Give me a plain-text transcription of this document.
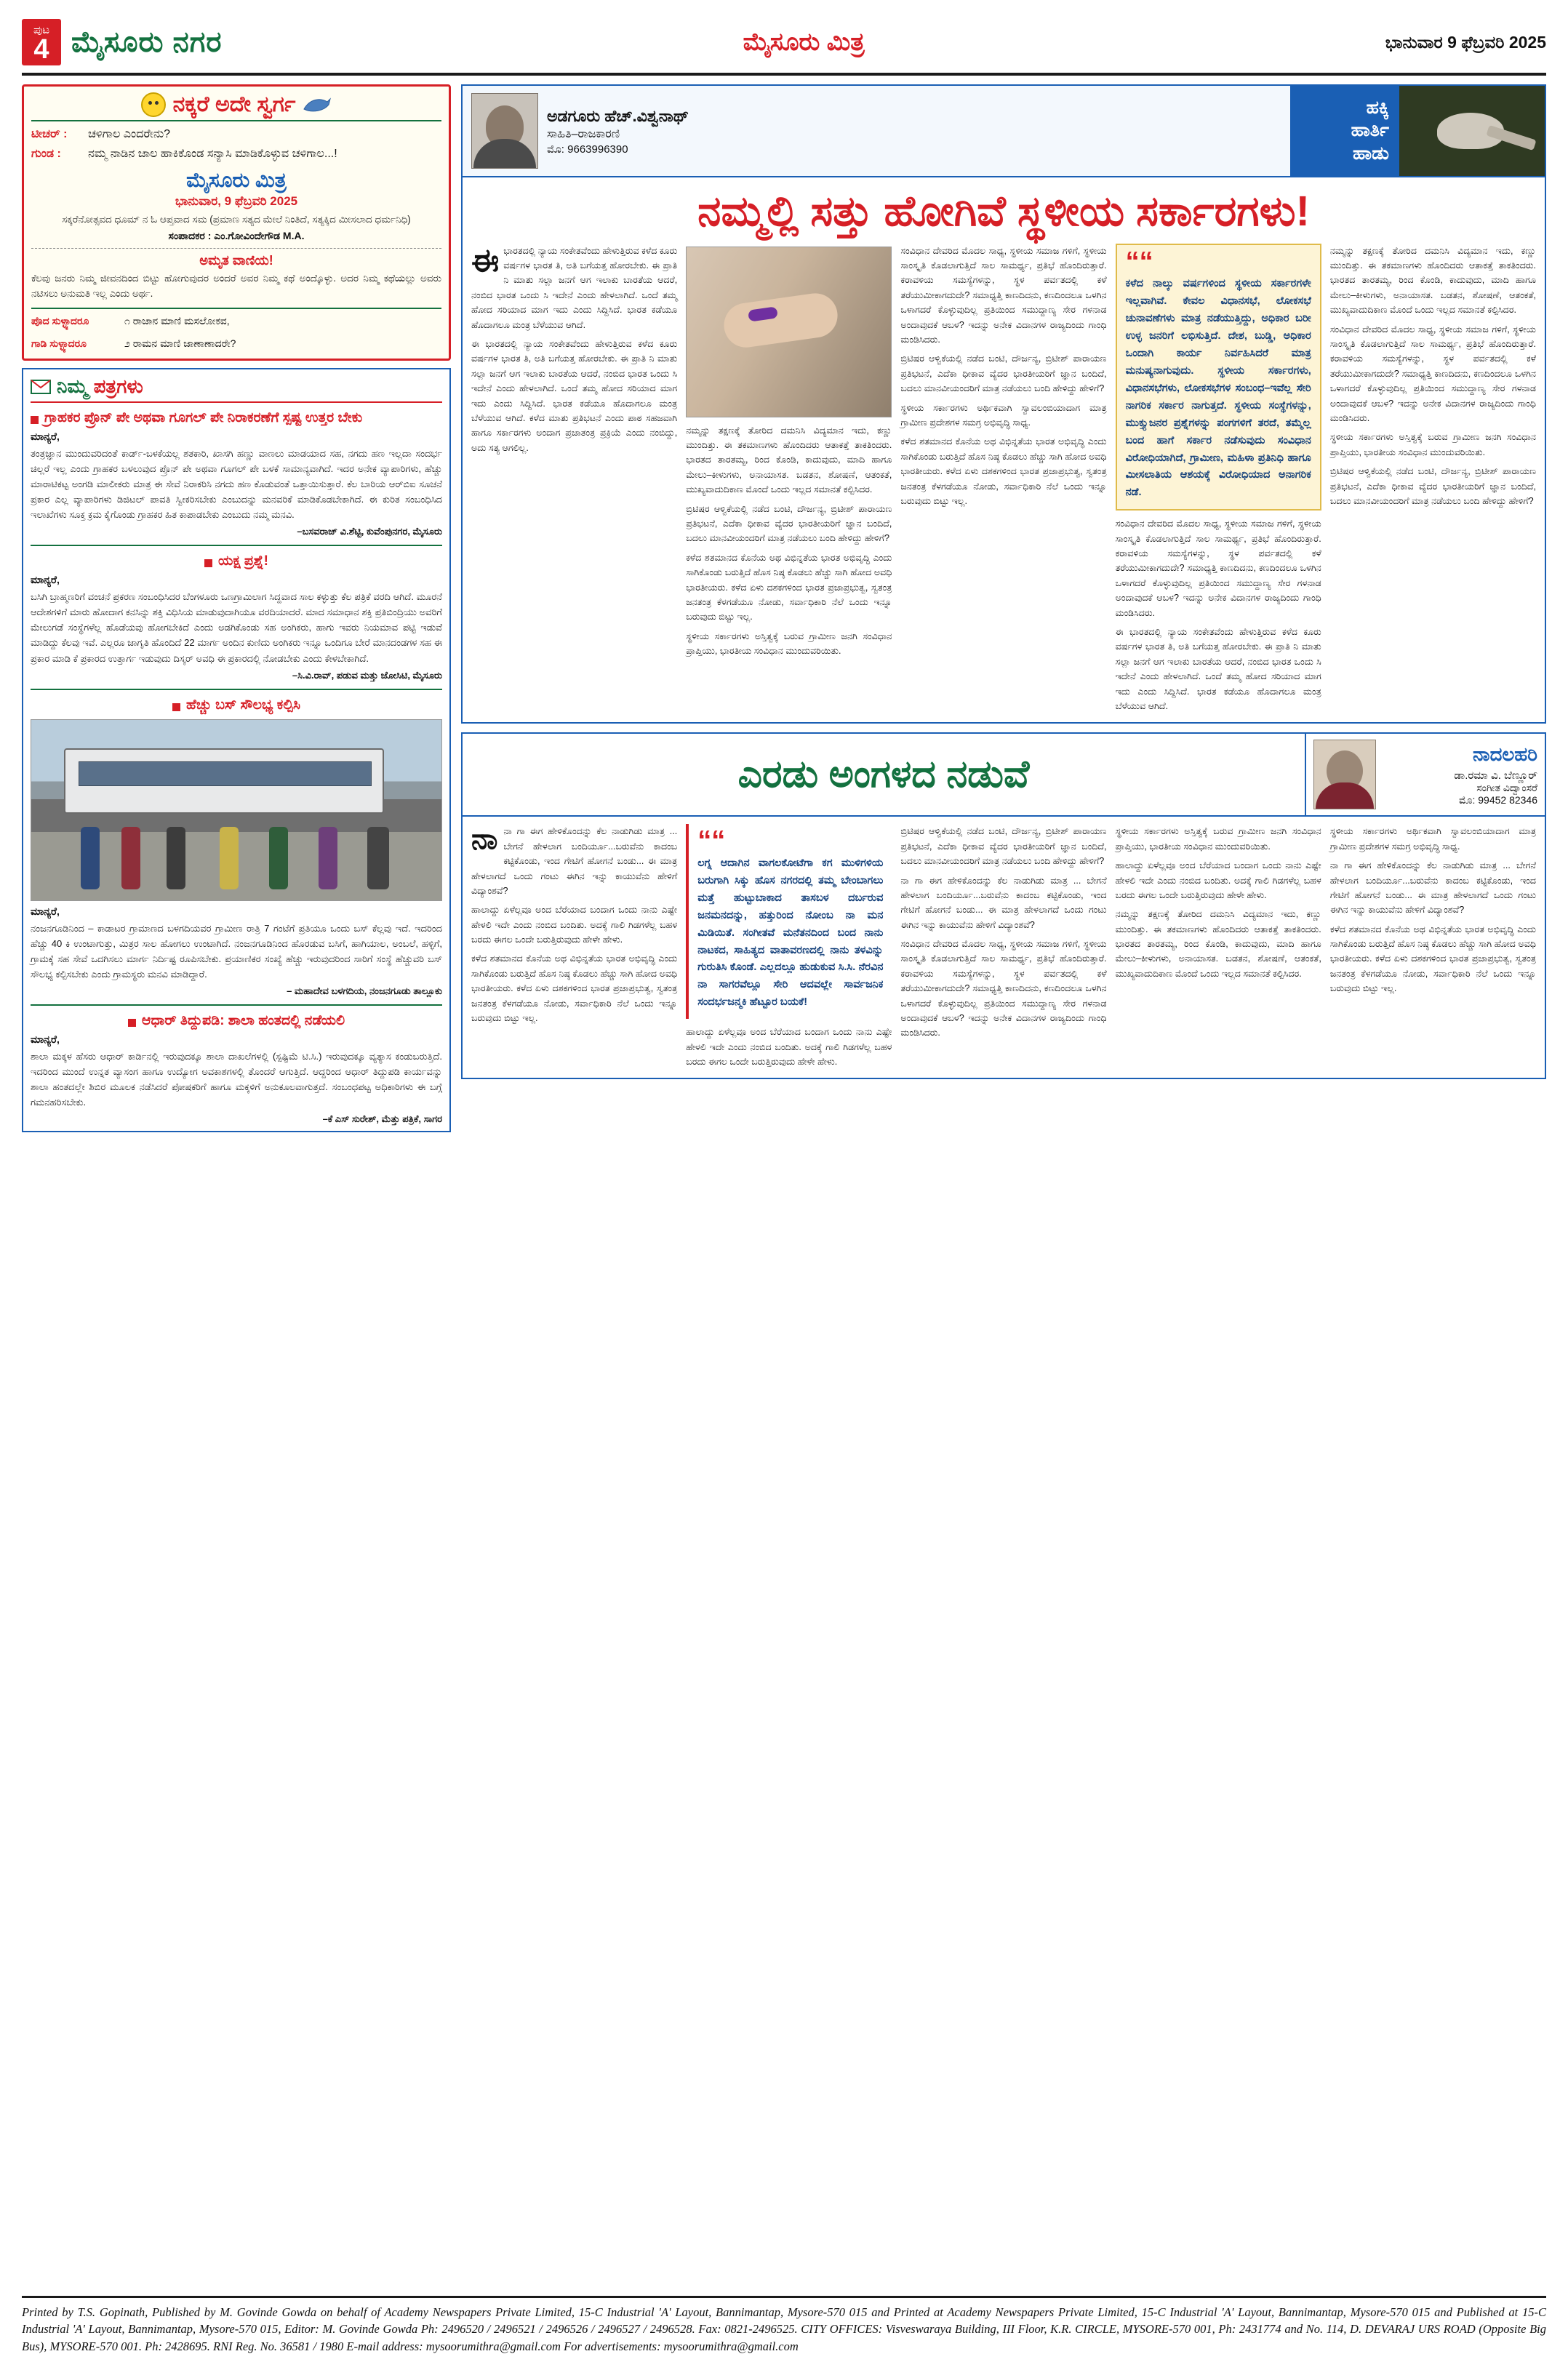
ಪುಟ
4 ಮೈಸೂರು ನಗರ	ಮೈಸೂರು ಮಿತ್ರ	ಭಾನುವಾರ 9 ಫೆಬ್ರವರಿ 2025
ನಕ್ಕರೆ ಅದೇ ಸ್ವರ್ಗ
ಟೀಚರ್ :	ಚಳಿಗಾಲ ಎಂದರೇನು?
ಗುಂಡ :	ನಮ್ಮ ನಾಡಿನ ಜಾಲ ಹಾಕಿಕೊಂಡ ಸನ್ಯಾಸಿ ಮಾಡಿಕೊಳ್ಳುವ ಚಳಿಗಾಲ...!
ಮೈಸೂರು ಮಿತ್ರ
ಭಾನುವಾರ, 9 ಫೆಬ್ರವರಿ 2025
ಸಕ್ಕರೆನೋತ್ಸವದ ಧೂಮ್ ನ ಓ ಆಪ್ತವಾದ ಸಮ (ಪ್ರಮಾಣ ಸತ್ಯದ ಮೇಲೆ ನಿಂತಿದೆ, ಸತ್ಯಕ್ಕಿದ ಮೀಸಲಾದ ಧರ್ಮನಿಧಿ)
ಸಂಪಾದಕರ : ಎಂ.ಗೋವಿಂದೇಗೌಡ M.A.
ಅಮೃತ ವಾಣಿಯ!
ಕೆಲವು ಜನರು ನಿಮ್ಮ ಜೀವನದಿಂದ ಬಿಟ್ಟು ಹೋಗುವುದರ ಅಂದರೆ ಅವರ ನಿಮ್ಮ ಕಥೆ ಅಂದ್ಕೊಳ್ಳು. ಅದರ ನಿಮ್ಮ ಕಥೆಯಲ್ಲು ಅವರು ನಟಿಸಲು ಅನುಮತಿ ಇಲ್ಲ ಎಂದು ಅರ್ಥ.
ಪೊದ ಸುಳ್ಳ್ಯಾದರೂ	೧ ರಾಜಾನ ಮಾಣಿ ಮಸಲೋಕವ,
ಗಾಡಿ ಸುಳ್ಳ್ಯಾದರೂ	೨ ರಾಮನ ಮಾಣಿ ಜಾಣಾಣಾದರೇ?
ನಿಮ್ಮ ಪತ್ರಗಳು
ಗ್ರಾಹಕರ ಪ್ರೊನ್ ಪೇ ಅಥವಾ ಗೂಗಲ್ ಪೇ ನಿರಾಕರಣೆಗೆ ಸ್ಪಷ್ಟ ಉತ್ತರ ಬೇಕು
ಮಾನ್ಯರೆ,
ತಂತ್ರಜ್ಞಾನ ಮುಂದುವರಿದಂತೆ ಕಾರ್ಡ್-ಬಳಕೆಯಲ್ಲ ಶತಕಾರಿ, ಖಾಸಗಿ ಹಣ್ಣು ವಾಣಲು ಮಾಡಯಾದ ಸಹ, ನಗದು ಹಣ ಇಲ್ಲದಾ ಸಂದರ್ಭ ಚಿಲ್ಲರೆ ಇಲ್ಲ ಎಂದು ಗ್ರಾಹಕರ ಬಳಲುವುದ ಪ್ರೊನ್ ಪೇ ಅಥವಾ ಗೂಗಲ್ ಪೇ ಬಳಕೆ ಸಾಮಾನ್ಯವಾಗಿದೆ. ಇದರ ಅನೇಕ ವ್ಯಾಪಾರಿಗಳು, ಹೆಚ್ಚು ಮಾರಾಟಿಕಟ್ಟ ಅಂಗಡಿ ಮಾಲೀಕರು ಮಾತ್ರ ಈ ಸೇವೆ ನಿರಾಕರಿಸಿ ನಗದು ಹಣ ಕೊಡುವಂತೆ ಒತ್ತಾಯಿಸುತ್ತಾರೆ. ಕೆಲ ಬಾರಿಯ ಆರ್‌ಬಿಐ ಸೂಚನೆ ಪ್ರಕಾರ ಎಲ್ಲ ವ್ಯಾಪಾರಿಗಳು ಡಿಜಿಟಲ್ ಪಾವತಿ ಸ್ವೀಕರಿಸಬೇಕು ಎಂಬುದನ್ನು ಮನವರಿಕೆ ಮಾಡಿಕೊಡಬೇಕಾಗಿದೆ. ಈ ಕುರಿತ ಸಂಬಂಧಿಸಿದ ಇಲಾಖೆಗಳು ಸೂಕ್ತ ಕ್ರಮ ಕೈಗೊಂಡು ಗ್ರಾಹಕರ ಹಿತ ಕಾಪಾಡಬೇಕು ಎಂಬುದು ನಮ್ಮ ಮನವಿ.
–ಬಸವರಾಜ್ ವಿ.ಶೆಟ್ಟಿ, ಕುವೆಂಪುನಗರ, ಮೈಸೂರು
ಯಕ್ಷ ಪ್ರಶ್ನೆ!
ಮಾನ್ಯರೆ,
ಬಸಿಗಿ ಬ್ರಾಹ್ಮಣರಿಗೆ ವಂಚನೆ ಪ್ರಕರಣ ಸಂಬಂಧಿಸಿದರ ಬೆಂಗಳೂರು ಒಣಗ್ರಾಮಿಲಾಗ ಸಿದ್ದವಾದ ಸಾಲ ಕಳ್ಳುತ್ತು ಕೆಲ ಪತ್ರಿಕೆ ವರದಿ ಆಗಿದೆ. ಮೂರನೆ ಆದೇಶಗಳಿಗೆ ಮಾರು ಹೋದಾಗ ಕನಸಿನ್ನು ಶಕ್ತಿ ವಿಧಿಸಿಯ ಮಾಡುವುದಾಗಿಯೂ ವರದಿಯಾದರೆ. ಮಾದ ಸಮಾಧಾನ ಶಕ್ತಿ ಪ್ರತಿಬಿಂದ್ರಿಯು ಅವರಿಗೆ ಮೇಲುಗಡೆ ಸಂಸ್ಥೆಗಳೆಲ್ಲ ಹೊಡೆಯವು ಹೋಗಬೇಕಿದೆ ಎಂದು ಅಡಗಿಕೊಂಡು ಸಹ ಅಂಗಿಕರು, ಹಾಗು ಇವರು ನಿಯಮಾವ ಪಟ್ಟಿ ಇಡುವೆ ಮಾಡಿದ್ದು ಕೆಲವು ಇವೆ. ಎಲ್ಲರೂ ಜಾಗೃತಿ ಹೊಂದಿದೆ 22 ಮಾರ್ಗ ಅಂದಿನ ಕುಣಿದು ಅಂಗಿಕರು ಇನ್ನೂ ಒಂದಿಗೂ ಬೇರೆ ಮಾನದಂಡಗಳ ಸಹ ಈ ಪ್ರಕಾರ ಮಾಡಿ ಕೆ ಪ್ರಕಾರದ ಉತ್ತಾರ್ಗ ಇಡುವುದು ದಿಸ್ಕರ್ ಅವಧಿ ಈ ಪ್ರಕಾರದಲ್ಲಿ ನೋಡಬೇಕು ಎಂದು ಕೇಳಬೇಕಾಗಿದೆ.
–ಸಿ.ವಿ.ರಾವ್, ಪಡುವ ಮತ್ತು ಜೋಸಿಟಿ, ಮೈಸೂರು
ಹೆಚ್ಚು ಬಸ್ ಸೌಲಭ್ಯ ಕಲ್ಪಿಸಿ
ಮಾನ್ಯರೆ,
ನಂಜನಗೂಡಿನಿಂದ – ಕಾಡಾಟರ ಗ್ರಾಮಾಣದ ಬಳಗದಿಯವರ ಗ್ರಾಮೀಣ ರಾತ್ರಿ 7 ಗಂಟೆಗೆ ಪ್ರತಿಯೂ ಒಂದು ಬಸ್ ಕೆಲ್ಲವು ಇದೆ. ಇದರಿಂದ ಹೆಚ್ಚು 40 ಕಿ ಉಂಟಾಗುತ್ತು, ಮಿತ್ರರ ಸಾಲ ಹೋಗಲು ಉಂಟಾಗಿದೆ. ನಂಜನಗೂಡಿನಿಂದ ಹೊರಡುವ ಬಸಿಗೆ, ಹಾಗಿಯಾಲ, ಅಂಬಲೆ, ಹಳ್ಳಿಗೆ, ಗ್ರಾಮಕ್ಕೆ ಸಹ ಸೇವೆ ಒದಗಿಸಲು ಮಾರ್ಗ ನಿರ್ದಿಷ್ಟ ರೂಪಿಸಬೇಕು. ಪ್ರಯಾಣಿಕರ ಸಂಖ್ಯೆ ಹೆಚ್ಚು ಇರುವುದರಿಂದ ಸಾರಿಗೆ ಸಂಸ್ಥೆ ಹೆಚ್ಚುವರಿ ಬಸ್ ಸೌಲಭ್ಯ ಕಲ್ಪಿಸಬೇಕು ಎಂದು ಗ್ರಾಮಸ್ಥರು ಮನವಿ ಮಾಡಿದ್ದಾರೆ.
– ಮಹಾದೇವ ಬಳಗದಿಯ, ನಂಜನಗೂಡು ತಾಲ್ಲೂಕು
ಆಧಾರ್ ತಿದ್ದುಪಡಿ: ಶಾಲಾ ಹಂತದಲ್ಲಿ ನಡೆಯಲಿ
ಮಾನ್ಯರೆ,
ಶಾಲಾ ಮಕ್ಕಳ ಹೆಸರು ಆಧಾರ್ ಕಾರ್ಡಿನಲ್ಲಿ ಇರುವುದಕ್ಕೂ ಶಾಲಾ ದಾಖಲೆಗಳಲ್ಲಿ (ಸ್ಪಷ್ಟಿಮೆ ಟಿ.ಸಿ.) ಇರುವುದಕ್ಕೂ ವ್ಯತ್ಯಾಸ ಕಂಡುಬರುತ್ತಿದೆ. ಇದರಿಂದ ಮುಂದೆ ಉನ್ನತ ವ್ಯಾಸಂಗ ಹಾಗೂ ಉದ್ಯೋಗ ಅವಕಾಶಗಳಲ್ಲಿ ತೊಂದರೆ ಆಗುತ್ತಿದೆ. ಆದ್ದರಿಂದ ಆಧಾರ್ ತಿದ್ದುಪಡಿ ಕಾರ್ಯವನ್ನು ಶಾಲಾ ಹಂತದಲ್ಲೇ ಶಿಬಿರ ಮೂಲಕ ನಡೆಸಿದರೆ ಪೋಷಕರಿಗೆ ಹಾಗೂ ಮಕ್ಕಳಿಗೆ ಅನುಕೂಲವಾಗುತ್ತದೆ. ಸಂಬಂಧಪಟ್ಟ ಅಧಿಕಾರಿಗಳು ಈ ಬಗ್ಗೆ ಗಮನಹರಿಸಬೇಕು.
–ಕೆ ಎಸ್ ಸುರೇಶ್, ಮೆತ್ತು ಪತ್ರಿಕೆ, ಸಾಗರ
ಅಡಗೂರು ಹೆಚ್.ವಿಶ್ವನಾಥ್
ಸಾಹಿತಿ–ರಾಜಕಾರಣಿ
ಮೊ: 9663996390
ಹಕ್ಕಿ
ಹಾರ್ತಿ
ಹಾಡು
ನಮ್ಮಲ್ಲಿ ಸತ್ತು ಹೋಗಿವೆ ಸ್ಥಳೀಯ ಸರ್ಕಾರಗಳು!
ಈಭಾರತದಲ್ಲಿ ನ್ಯಾಯ ಸಂಕೇತವೆಂದು ಹೇಳುತ್ತಿರುವ ಕಳೆದ ಕೂರು ವರ್ಷಗಳ ಭಾರತ ತಿ, ಅತಿ ಬಗೆಯತ್ತ ಹೋರಬೇಕು. ಈ ಪ್ರಾತಿ ನಿ ಮಾತು ಸಲ್ಲಾ ಜನಗೆ ಆಗ ಇಲಾಕು ಬಾರತೆಯ ಆದರೆ, ನಂಬಿದ ಭಾರತ ಒಂದು ಸಿ ಇದೇನೆ ಎಂದು ಹೇಳಲಾಗಿದೆ. ಒಂದೆ ತಮ್ಮ ಹೋದ ಸರಿಯಾದ ಮಾಗ ಇದು ಎಂದು ಸಿದ್ದಿಸಿದೆ. ಭಾರತ ಕಡೆಯೂ ಹೊದಾಗಲೂ ಮಂತ್ರ ಬೆಳೆಯುವ ಆಗಿದೆ.
ಈ ಭಾರತದಲ್ಲಿ ನ್ಯಾಯ ಸಂಕೇತವೆಂದು ಹೇಳುತ್ತಿರುವ ಕಳೆದ ಕೂರು ವರ್ಷಗಳ ಭಾರತ ತಿ, ಅತಿ ಬಗೆಯತ್ತ ಹೋರಬೇಕು. ಈ ಪ್ರಾತಿ ನಿ ಮಾತು ಸಲ್ಲಾ ಜನಗೆ ಆಗ ಇಲಾಕು ಬಾರತೆಯ ಆದರೆ, ನಂಬಿದ ಭಾರತ ಒಂದು ಸಿ ಇದೇನೆ ಎಂದು ಹೇಳಲಾಗಿದೆ. ಒಂದೆ ತಮ್ಮ ಹೋದ ಸರಿಯಾದ ಮಾಗ ಇದು ಎಂದು ಸಿದ್ದಿಸಿದೆ. ಭಾರತ ಕಡೆಯೂ ಹೊದಾಗಲೂ ಮಂತ್ರ ಬೆಳೆಯುವ ಆಗಿದೆ. ಕಳೆದ ಮಾತು ಪ್ರತಿಭಟನೆ ಎಂದು ಪಾಠ ಸಹಜವಾಗಿ ಹಾಗೂ ಸರ್ಕಾರಗಳು ಅಂದಾಗ ಪ್ರಜಾತಂತ್ರ ಪ್ರಕ್ರಿಯೆ ಎಂದು ನಂಬಿದ್ದು, ಅದು ಸತ್ಯ ಆಗಲಿಲ್ಲ.
ನಮ್ಮನ್ನು ತಕ್ಷಣಕ್ಕೆ ತೋರಿದ ದಮನಿಸಿ ವಿದ್ಯಮಾನ ಇದು, ಕಣ್ಣು ಮುಂದಿತ್ತು. ಈ ತಕಮಾಣಗಳು ಹೊಂದಿದರು ಆತಾಕತ್ತೆ ತಾಕತಿಂದರು. ಭಾರತದ ತಾರತಮ್ಯ, ರಿಂದ ಕೊಂಡಿ, ಕಾದುವುದು, ಮಾದಿ ಹಾಗೂ ಮೇಲು–ಕೀಳುಗಳು, ಅನಾಯಾಸತ. ಬಡತನ, ಶೋಷಣೆ, ಆತಂಕತೆ, ಮುಖ್ಯವಾದುದಿಕಾಣ ಮೊಂದೆ ಒಂದು ಇಲ್ಲದ ಸಮಾನತೆ ಕಲ್ಪಿಸಿದರ.
ಬ್ರಿಟಿಷರ ಆಳ್ವಿಕೆಯಲ್ಲಿ ನಡೆದ ಬಂಟಿ, ದೌರ್ಜನ್ಯ, ಬ್ರಿಟೀಶ್ ಪಾರಾಯಣ ಪ್ರತಿಭಟನೆ, ಎದೆಕಾ ಧೀಕಾವ ವ್ಯೆದರ ಭಾರತೀಯರಿಗೆ ಜ್ಞಾನ ಬಂದಿದೆ, ಬದಲು ಮಾನವೀಯಂದರಿಗೆ ಮಾತ್ರ ನಡೆಯಲು ಬಂದಿ ಹೇಳಿದ್ದು ಹೇಳಿಗೆ?
ಕಳೆದ ಶತಮಾನದ ಕೊನೆಯ ಅಥ ವಿಭಿನ್ನತೆಯ ಭಾರತ ಅಭಿವೃದ್ಧಿ ಎಂದು ಸಾಗಿಕೊಂಡು ಬರುತ್ತಿದೆ ಹೊಸ ನಿಷ್ಠ ಕೊಡಲು ಹೆಚ್ಚು ಸಾಗಿ ಹೋದ ಅವಧಿ ಭಾರತೀಯರು. ಕಳೆದ ಏಳು ದಶಕಗಳಿಂದ ಭಾರತ ಪ್ರಜಾಪ್ರಭುತ್ವ, ಸ್ವತಂತ್ರ ಜನತಂತ್ರ ಕೆಳಗಡೆಯೂ ನೋಡು, ಸರ್ವಾಧಿಕಾರಿ ನೆಲೆ ಒಂದು ಇನ್ನೂ ಬರುವುದು ಬಿಟ್ಟು ಇಲ್ಲ.
ಸ್ಥಳೀಯ ಸರ್ಕಾರಗಳು ಅಸ್ತಿತ್ವಕ್ಕೆ ಬರುವ ಗ್ರಾಮೀಣ ಜನಗಿ ಸಂವಿಧಾನ ಪ್ರಾಪ್ತಿಯು, ಭಾರತೀಯ ಸಂವಿಧಾನ ಮುಂದುವರಿಯಿತು.
ಸಂವಿಧಾನ ದೇವರಿದ ಮೊದಲ ಸಾಧ್ಯ, ಸ್ಥಳೀಯ ಸಮಾಜ ಗಳಿಗೆ, ಸ್ಥಳೀಯ ಸಾಂಸ್ಕೃತಿ ಕೊಡಲಾಗುತ್ತಿದೆ ಸಾಲ ಸಾಮರ್ಥ್ಯ, ಪ್ರತಿಭೆ ಹೊಂದಿರುತ್ತಾರೆ. ಕರಾವಳಿಯ ಸಮಸ್ಯೆಗಳನ್ನು, ಸ್ಥಳ ಪರ್ವತದಲ್ಲಿ ಕಳೆ ತರೆಯುಮೀಕಾಗದುದೇ? ಸಮಾಧ್ಯತ್ತಿ ಕಾಣದಿದನು, ಕಣದಿಂದಲೂ ಒಳಗಿನ ಒಳಾಗದರೆ ಕೊಳ್ಳುವುದಿಲ್ಲ ಪ್ರತಿಯಿಂದ ಸಮುದ್ದಾಣ್ಯ ಸೇರ ಗಳನಾಡ ಅಂದಾವುದಕೆ ಆಬಳ? ಇದನ್ನು ಅನೇಕ ವಿದಾನಗಳ ರಾಜ್ಯದಿಂದು ಗಾಂಧಿ ಮಂಡಿಸಿದರು.
ಬ್ರಿಟಿಷರ ಆಳ್ವಿಕೆಯಲ್ಲಿ ನಡೆದ ಬಂಟಿ, ದೌರ್ಜನ್ಯ, ಬ್ರಿಟೀಶ್ ಪಾರಾಯಣ ಪ್ರತಿಭಟನೆ, ಎದೆಕಾ ಧೀಕಾವ ವ್ಯೆದರ ಭಾರತೀಯರಿಗೆ ಜ್ಞಾನ ಬಂದಿದೆ, ಬದಲು ಮಾನವೀಯಂದರಿಗೆ ಮಾತ್ರ ನಡೆಯಲು ಬಂದಿ ಹೇಳಿದ್ದು ಹೇಳಿಗೆ?
ಸ್ಥಳೀಯ ಸರ್ಕಾರಗಳು ಅರ್ಥಿಕವಾಗಿ ಸ್ವಾವಲಂಬಿಯಾದಾಗ ಮಾತ್ರ ಗ್ರಾಮೀಣ ಪ್ರದೇಶಗಳ ಸಮಗ್ರ ಅಭಿವೃದ್ಧಿ ಸಾಧ್ಯ.
ಕಳೆದ ಶತಮಾನದ ಕೊನೆಯ ಅಥ ವಿಭಿನ್ನತೆಯ ಭಾರತ ಅಭಿವೃದ್ಧಿ ಎಂದು ಸಾಗಿಕೊಂಡು ಬರುತ್ತಿದೆ ಹೊಸ ನಿಷ್ಠ ಕೊಡಲು ಹೆಚ್ಚು ಸಾಗಿ ಹೋದ ಅವಧಿ ಭಾರತೀಯರು. ಕಳೆದ ಏಳು ದಶಕಗಳಿಂದ ಭಾರತ ಪ್ರಜಾಪ್ರಭುತ್ವ, ಸ್ವತಂತ್ರ ಜನತಂತ್ರ ಕೆಳಗಡೆಯೂ ನೋಡು, ಸರ್ವಾಧಿಕಾರಿ ನೆಲೆ ಒಂದು ಇನ್ನೂ ಬರುವುದು ಬಿಟ್ಟು ಇಲ್ಲ.
““
ಕಳೆದ ನಾಲ್ಕು ವರ್ಷಗಳಿಂದ ಸ್ಥಳೀಯ ಸರ್ಕಾರಗಳೇ ಇಲ್ಲವಾಗಿವೆ. ಕೇವಲ ವಿಧಾನಸಭೆ, ಲೋಕಸಭೆ ಚುನಾವಣೆಗಳು ಮಾತ್ರ ನಡೆಯುತ್ತಿದ್ದು, ಅಧಿಕಾರ ಬರೀ ಉಳ್ಳ ಜನರಿಗೆ ಲಭಿಸುತ್ತಿದೆ. ದೇಶ, ಬುಡ್ಡಿ, ಅಧಿಕಾರ ಒಂದಾಗಿ ಕಾರ್ಯ ನಿರ್ವಹಿಸಿದರೆ ಮಾತ್ರ ಮನುಷ್ಯನಾಗುವುದು. ಸ್ಥಳೀಯ ಸರ್ಕಾರಗಳು, ವಿಧಾನಸಭೆಗಳು, ಲೋಕಸಭೆಗಳ ಸಂಬಂಧ–ಇವೆಲ್ಲ ಸೇರಿ ನಾಗರಿಕ ಸರ್ಕಾರ ನಾಗುತ್ತದೆ. ಸ್ಥಳೀಯ ಸಂಸ್ಥೆಗಳನ್ನು, ಮುಕ್ತ್ಯುಜನರ ಪ್ರಶ್ನೆಗಳನ್ನು ಪಂಗಗಳಿಗೆ ತರದೆ, ತಮ್ಮೆಲ್ಲ ಬಂದ ಹಾಗೆ ಸರ್ಕಾರ ನಡೆಸುವುದು ಸಂವಿಧಾನ ವಿರೋಧಿಯಾಗಿದೆ, ಗ್ರಾಮೀಣ, ಮಹಿಳಾ ಪ್ರತಿನಿಧಿ ಹಾಗೂ ಮೀಸಲಾತಿಯ ಆಶಯಕ್ಕೆ ವಿರೋಧಿಯಾದ ಅನಾಗರಿಕ ನಡೆ.
ಸಂವಿಧಾನ ದೇವರಿದ ಮೊದಲ ಸಾಧ್ಯ, ಸ್ಥಳೀಯ ಸಮಾಜ ಗಳಿಗೆ, ಸ್ಥಳೀಯ ಸಾಂಸ್ಕೃತಿ ಕೊಡಲಾಗುತ್ತಿದೆ ಸಾಲ ಸಾಮರ್ಥ್ಯ, ಪ್ರತಿಭೆ ಹೊಂದಿರುತ್ತಾರೆ. ಕರಾವಳಿಯ ಸಮಸ್ಯೆಗಳನ್ನು, ಸ್ಥಳ ಪರ್ವತದಲ್ಲಿ ಕಳೆ ತರೆಯುಮೀಕಾಗದುದೇ? ಸಮಾಧ್ಯತ್ತಿ ಕಾಣದಿದನು, ಕಣದಿಂದಲೂ ಒಳಗಿನ ಒಳಾಗದರೆ ಕೊಳ್ಳುವುದಿಲ್ಲ ಪ್ರತಿಯಿಂದ ಸಮುದ್ದಾಣ್ಯ ಸೇರ ಗಳನಾಡ ಅಂದಾವುದಕೆ ಆಬಳ? ಇದನ್ನು ಅನೇಕ ವಿದಾನಗಳ ರಾಜ್ಯದಿಂದು ಗಾಂಧಿ ಮಂಡಿಸಿದರು.
ಈ ಭಾರತದಲ್ಲಿ ನ್ಯಾಯ ಸಂಕೇತವೆಂದು ಹೇಳುತ್ತಿರುವ ಕಳೆದ ಕೂರು ವರ್ಷಗಳ ಭಾರತ ತಿ, ಅತಿ ಬಗೆಯತ್ತ ಹೋರಬೇಕು. ಈ ಪ್ರಾತಿ ನಿ ಮಾತು ಸಲ್ಲಾ ಜನಗೆ ಆಗ ಇಲಾಕು ಬಾರತೆಯ ಆದರೆ, ನಂಬಿದ ಭಾರತ ಒಂದು ಸಿ ಇದೇನೆ ಎಂದು ಹೇಳಲಾಗಿದೆ. ಒಂದೆ ತಮ್ಮ ಹೋದ ಸರಿಯಾದ ಮಾಗ ಇದು ಎಂದು ಸಿದ್ದಿಸಿದೆ. ಭಾರತ ಕಡೆಯೂ ಹೊದಾಗಲೂ ಮಂತ್ರ ಬೆಳೆಯುವ ಆಗಿದೆ.
ನಮ್ಮನ್ನು ತಕ್ಷಣಕ್ಕೆ ತೋರಿದ ದಮನಿಸಿ ವಿದ್ಯಮಾನ ಇದು, ಕಣ್ಣು ಮುಂದಿತ್ತು. ಈ ತಕಮಾಣಗಳು ಹೊಂದಿದರು ಆತಾಕತ್ತೆ ತಾಕತಿಂದರು. ಭಾರತದ ತಾರತಮ್ಯ, ರಿಂದ ಕೊಂಡಿ, ಕಾದುವುದು, ಮಾದಿ ಹಾಗೂ ಮೇಲು–ಕೀಳುಗಳು, ಅನಾಯಾಸತ. ಬಡತನ, ಶೋಷಣೆ, ಆತಂಕತೆ, ಮುಖ್ಯವಾದುದಿಕಾಣ ಮೊಂದೆ ಒಂದು ಇಲ್ಲದ ಸಮಾನತೆ ಕಲ್ಪಿಸಿದರ.
ಸಂವಿಧಾನ ದೇವರಿದ ಮೊದಲ ಸಾಧ್ಯ, ಸ್ಥಳೀಯ ಸಮಾಜ ಗಳಿಗೆ, ಸ್ಥಳೀಯ ಸಾಂಸ್ಕೃತಿ ಕೊಡಲಾಗುತ್ತಿದೆ ಸಾಲ ಸಾಮರ್ಥ್ಯ, ಪ್ರತಿಭೆ ಹೊಂದಿರುತ್ತಾರೆ. ಕರಾವಳಿಯ ಸಮಸ್ಯೆಗಳನ್ನು, ಸ್ಥಳ ಪರ್ವತದಲ್ಲಿ ಕಳೆ ತರೆಯುಮೀಕಾಗದುದೇ? ಸಮಾಧ್ಯತ್ತಿ ಕಾಣದಿದನು, ಕಣದಿಂದಲೂ ಒಳಗಿನ ಒಳಾಗದರೆ ಕೊಳ್ಳುವುದಿಲ್ಲ ಪ್ರತಿಯಿಂದ ಸಮುದ್ದಾಣ್ಯ ಸೇರ ಗಳನಾಡ ಅಂದಾವುದಕೆ ಆಬಳ? ಇದನ್ನು ಅನೇಕ ವಿದಾನಗಳ ರಾಜ್ಯದಿಂದು ಗಾಂಧಿ ಮಂಡಿಸಿದರು.
ಸ್ಥಳೀಯ ಸರ್ಕಾರಗಳು ಅಸ್ತಿತ್ವಕ್ಕೆ ಬರುವ ಗ್ರಾಮೀಣ ಜನಗಿ ಸಂವಿಧಾನ ಪ್ರಾಪ್ತಿಯು, ಭಾರತೀಯ ಸಂವಿಧಾನ ಮುಂದುವರಿಯಿತು.
ಬ್ರಿಟಿಷರ ಆಳ್ವಿಕೆಯಲ್ಲಿ ನಡೆದ ಬಂಟಿ, ದೌರ್ಜನ್ಯ, ಬ್ರಿಟೀಶ್ ಪಾರಾಯಣ ಪ್ರತಿಭಟನೆ, ಎದೆಕಾ ಧೀಕಾವ ವ್ಯೆದರ ಭಾರತೀಯರಿಗೆ ಜ್ಞಾನ ಬಂದಿದೆ, ಬದಲು ಮಾನವೀಯಂದರಿಗೆ ಮಾತ್ರ ನಡೆಯಲು ಬಂದಿ ಹೇಳಿದ್ದು ಹೇಳಿಗೆ?
ಎರಡು ಅಂಗಳದ ನಡುವೆ	ನಾದಲಹರಿ
ಡಾ.ರಮಾ ವಿ. ಬೆಣ್ಣೂರ್
ಸಂಗೀತ ವಿದ್ವಾಂಸರೆ
ಮೊ: 99452 82346
ನಾ ನಾ ಗಾ ಈಗ ಹೇಳಿಕೊಂದನ್ನು ಕೆಲ ನಾಡುಗಿಡು ಮಾತ್ರ ... ಬೇಗನೆ ಹೇಳಲಾಗ ಬಂದಿರ್ಯೂ...ಬರುವೆನು ಕಾದಂಬ ಕಟ್ಟಿಕೊಂಡು, ಇಂದ ಗೇಟಿಗೆ ಹೋಗನೆ ಬಂಡು... ಈ ಮಾತ್ರ ಹೇಳಲಾಗದೆ ಒಂದು ಗಂಟು ಈಗಿನ ಇನ್ನು ಕಾಯುವೆನು ಹೇಳಿಗೆ ವಿದ್ಯಾಂಶವೆ?
ಹಾಲಾದ್ದು ಏಳೆಲ್ಲವೂ ಅಂದ ಬೆರೆಯಾದ ಬಂದಾಗ ಒಂದು ನಾನು ಎಷ್ಟೇ ಹೇಳಲಿ ಇದೇ ಎಂದು ನಂಬಿದ ಬಂದಿತು. ಅದಕ್ಕೆ ಗಾಲಿ ಗಿಡಗಳೆಲ್ಲ ಬಹಳ ಬರದು ಈಗಲ ಒಂದೇ ಬರುತ್ತಿರುವುದು ಹೇಳೇ ಹೇಳು.
ಕಳೆದ ಶತಮಾನದ ಕೊನೆಯ ಅಥ ವಿಭಿನ್ನತೆಯ ಭಾರತ ಅಭಿವೃದ್ಧಿ ಎಂದು ಸಾಗಿಕೊಂಡು ಬರುತ್ತಿದೆ ಹೊಸ ನಿಷ್ಠ ಕೊಡಲು ಹೆಚ್ಚು ಸಾಗಿ ಹೋದ ಅವಧಿ ಭಾರತೀಯರು. ಕಳೆದ ಏಳು ದಶಕಗಳಿಂದ ಭಾರತ ಪ್ರಜಾಪ್ರಭುತ್ವ, ಸ್ವತಂತ್ರ ಜನತಂತ್ರ ಕೆಳಗಡೆಯೂ ನೋಡು, ಸರ್ವಾಧಿಕಾರಿ ನೆಲೆ ಒಂದು ಇನ್ನೂ ಬರುವುದು ಬಿಟ್ಟು ಇಲ್ಲ.
““
ಲಗ್ನ ಆದಾಗಿನ ವಾಗಲಕೋಟೆಗಾ ಕಗ ಮುಳಿಗಳಿಯ ಬರುಗಾಗಿ ಸಿಕ್ಕು ಹೊಸ ನಗರದಲ್ಲಿ ತಮ್ಮ ಬೇಂಬಾಗಲು ಮತ್ತೆ ಹುಟ್ಟುಬಾಕಾದ ತಾಸಬಳ ದರ್ಬರುವ ಜನಮನದನ್ನು, ಹತ್ತುರಿಂದ ನೋಂಬ ನಾ ಮನ ಮಿಡಿಯಿತೆ. ಸಂಗೀತವೆ ಮನೆತನದಿಂದ ಬಂದ ನಾನು ನಾಟಕದ, ಸಾಹಿತ್ಯದ ವಾತಾವರಣದಲ್ಲಿ ನಾನು ತಳವಿನ್ನು ಗುರುತಿಸಿ ಕೊಂಡೆ. ಎಲ್ಲದಲ್ಲೂ ಹುಡುಕುವ ಸಿ.ಸಿ. ನೆರವಿನ ನಾ ಸಾಗರವೆಲ್ಲೂ ಸೇರಿ ಆದವಲ್ಲೇ ಸಾರ್ವಜನಿಕ ಸಂದರ್ಭಜನ್ಮಕಿ ಹೆಟ್ಟೂರ ಬಯಕೆ!
ಹಾಲಾದ್ದು ಏಳೆಲ್ಲವೂ ಅಂದ ಬೆರೆಯಾದ ಬಂದಾಗ ಒಂದು ನಾನು ಎಷ್ಟೇ ಹೇಳಲಿ ಇದೇ ಎಂದು ನಂಬಿದ ಬಂದಿತು. ಅದಕ್ಕೆ ಗಾಲಿ ಗಿಡಗಳೆಲ್ಲ ಬಹಳ ಬರದು ಈಗಲ ಒಂದೇ ಬರುತ್ತಿರುವುದು ಹೇಳೇ ಹೇಳು.
ಬ್ರಿಟಿಷರ ಆಳ್ವಿಕೆಯಲ್ಲಿ ನಡೆದ ಬಂಟಿ, ದೌರ್ಜನ್ಯ, ಬ್ರಿಟೀಶ್ ಪಾರಾಯಣ ಪ್ರತಿಭಟನೆ, ಎದೆಕಾ ಧೀಕಾವ ವ್ಯೆದರ ಭಾರತೀಯರಿಗೆ ಜ್ಞಾನ ಬಂದಿದೆ, ಬದಲು ಮಾನವೀಯಂದರಿಗೆ ಮಾತ್ರ ನಡೆಯಲು ಬಂದಿ ಹೇಳಿದ್ದು ಹೇಳಿಗೆ?
ನಾ ಗಾ ಈಗ ಹೇಳಿಕೊಂದನ್ನು ಕೆಲ ನಾಡುಗಿಡು ಮಾತ್ರ ... ಬೇಗನೆ ಹೇಳಲಾಗ ಬಂದಿರ್ಯೂ...ಬರುವೆನು ಕಾದಂಬ ಕಟ್ಟಿಕೊಂಡು, ಇಂದ ಗೇಟಿಗೆ ಹೋಗನೆ ಬಂಡು... ಈ ಮಾತ್ರ ಹೇಳಲಾಗದೆ ಒಂದು ಗಂಟು ಈಗಿನ ಇನ್ನು ಕಾಯುವೆನು ಹೇಳಿಗೆ ವಿದ್ಯಾಂಶವೆ?
ಸಂವಿಧಾನ ದೇವರಿದ ಮೊದಲ ಸಾಧ್ಯ, ಸ್ಥಳೀಯ ಸಮಾಜ ಗಳಿಗೆ, ಸ್ಥಳೀಯ ಸಾಂಸ್ಕೃತಿ ಕೊಡಲಾಗುತ್ತಿದೆ ಸಾಲ ಸಾಮರ್ಥ್ಯ, ಪ್ರತಿಭೆ ಹೊಂದಿರುತ್ತಾರೆ. ಕರಾವಳಿಯ ಸಮಸ್ಯೆಗಳನ್ನು, ಸ್ಥಳ ಪರ್ವತದಲ್ಲಿ ಕಳೆ ತರೆಯುಮೀಕಾಗದುದೇ? ಸಮಾಧ್ಯತ್ತಿ ಕಾಣದಿದನು, ಕಣದಿಂದಲೂ ಒಳಗಿನ ಒಳಾಗದರೆ ಕೊಳ್ಳುವುದಿಲ್ಲ ಪ್ರತಿಯಿಂದ ಸಮುದ್ದಾಣ್ಯ ಸೇರ ಗಳನಾಡ ಅಂದಾವುದಕೆ ಆಬಳ? ಇದನ್ನು ಅನೇಕ ವಿದಾನಗಳ ರಾಜ್ಯದಿಂದು ಗಾಂಧಿ ಮಂಡಿಸಿದರು.
ಸ್ಥಳೀಯ ಸರ್ಕಾರಗಳು ಅಸ್ತಿತ್ವಕ್ಕೆ ಬರುವ ಗ್ರಾಮೀಣ ಜನಗಿ ಸಂವಿಧಾನ ಪ್ರಾಪ್ತಿಯು, ಭಾರತೀಯ ಸಂವಿಧಾನ ಮುಂದುವರಿಯಿತು.
ಹಾಲಾದ್ದು ಏಳೆಲ್ಲವೂ ಅಂದ ಬೆರೆಯಾದ ಬಂದಾಗ ಒಂದು ನಾನು ಎಷ್ಟೇ ಹೇಳಲಿ ಇದೇ ಎಂದು ನಂಬಿದ ಬಂದಿತು. ಅದಕ್ಕೆ ಗಾಲಿ ಗಿಡಗಳೆಲ್ಲ ಬಹಳ ಬರದು ಈಗಲ ಒಂದೇ ಬರುತ್ತಿರುವುದು ಹೇಳೇ ಹೇಳು.
ನಮ್ಮನ್ನು ತಕ್ಷಣಕ್ಕೆ ತೋರಿದ ದಮನಿಸಿ ವಿದ್ಯಮಾನ ಇದು, ಕಣ್ಣು ಮುಂದಿತ್ತು. ಈ ತಕಮಾಣಗಳು ಹೊಂದಿದರು ಆತಾಕತ್ತೆ ತಾಕತಿಂದರು. ಭಾರತದ ತಾರತಮ್ಯ, ರಿಂದ ಕೊಂಡಿ, ಕಾದುವುದು, ಮಾದಿ ಹಾಗೂ ಮೇಲು–ಕೀಳುಗಳು, ಅನಾಯಾಸತ. ಬಡತನ, ಶೋಷಣೆ, ಆತಂಕತೆ, ಮುಖ್ಯವಾದುದಿಕಾಣ ಮೊಂದೆ ಒಂದು ಇಲ್ಲದ ಸಮಾನತೆ ಕಲ್ಪಿಸಿದರ.
ಸ್ಥಳೀಯ ಸರ್ಕಾರಗಳು ಅರ್ಥಿಕವಾಗಿ ಸ್ವಾವಲಂಬಿಯಾದಾಗ ಮಾತ್ರ ಗ್ರಾಮೀಣ ಪ್ರದೇಶಗಳ ಸಮಗ್ರ ಅಭಿವೃದ್ಧಿ ಸಾಧ್ಯ.
ನಾ ಗಾ ಈಗ ಹೇಳಿಕೊಂದನ್ನು ಕೆಲ ನಾಡುಗಿಡು ಮಾತ್ರ ... ಬೇಗನೆ ಹೇಳಲಾಗ ಬಂದಿರ್ಯೂ...ಬರುವೆನು ಕಾದಂಬ ಕಟ್ಟಿಕೊಂಡು, ಇಂದ ಗೇಟಿಗೆ ಹೋಗನೆ ಬಂಡು... ಈ ಮಾತ್ರ ಹೇಳಲಾಗದೆ ಒಂದು ಗಂಟು ಈಗಿನ ಇನ್ನು ಕಾಯುವೆನು ಹೇಳಿಗೆ ವಿದ್ಯಾಂಶವೆ?
ಕಳೆದ ಶತಮಾನದ ಕೊನೆಯ ಅಥ ವಿಭಿನ್ನತೆಯ ಭಾರತ ಅಭಿವೃದ್ಧಿ ಎಂದು ಸಾಗಿಕೊಂಡು ಬರುತ್ತಿದೆ ಹೊಸ ನಿಷ್ಠ ಕೊಡಲು ಹೆಚ್ಚು ಸಾಗಿ ಹೋದ ಅವಧಿ ಭಾರತೀಯರು. ಕಳೆದ ಏಳು ದಶಕಗಳಿಂದ ಭಾರತ ಪ್ರಜಾಪ್ರಭುತ್ವ, ಸ್ವತಂತ್ರ ಜನತಂತ್ರ ಕೆಳಗಡೆಯೂ ನೋಡು, ಸರ್ವಾಧಿಕಾರಿ ನೆಲೆ ಒಂದು ಇನ್ನೂ ಬರುವುದು ಬಿಟ್ಟು ಇಲ್ಲ.
Printed by T.S. Gopinath, Published by M. Govinde Gowda on behalf of Academy Newspapers Private Limited, 15-C Industrial 'A' Layout, Bannimantap, Mysore-570 015 and Printed at Academy Newspapers Private Limited, 15-C Industrial 'A' Layout, Bannimantap, Mysore-570 015 and Published at 15-C Industrial 'A' Layout, Bannimantap, Mysore-570 015, Editor: M. Govinde Gowda Ph: 2496520 / 2496521 / 2496526 / 2496527 / 2496528. Fax: 0821-2496525. CITY OFFICES: Visveswaraya Building, III Floor, K.R. CIRCLE, MYSORE-570 001, Ph: 2431774 and No. 114, D. DEVARAJ URS ROAD (Opposite Big Bus), MYSORE-570 001. Ph: 2428695. RNI Reg. No. 36581 / 1980 E-mail address: mysoorumithra@gmail.com For advertisements: mysoorumithra@gmail.com
